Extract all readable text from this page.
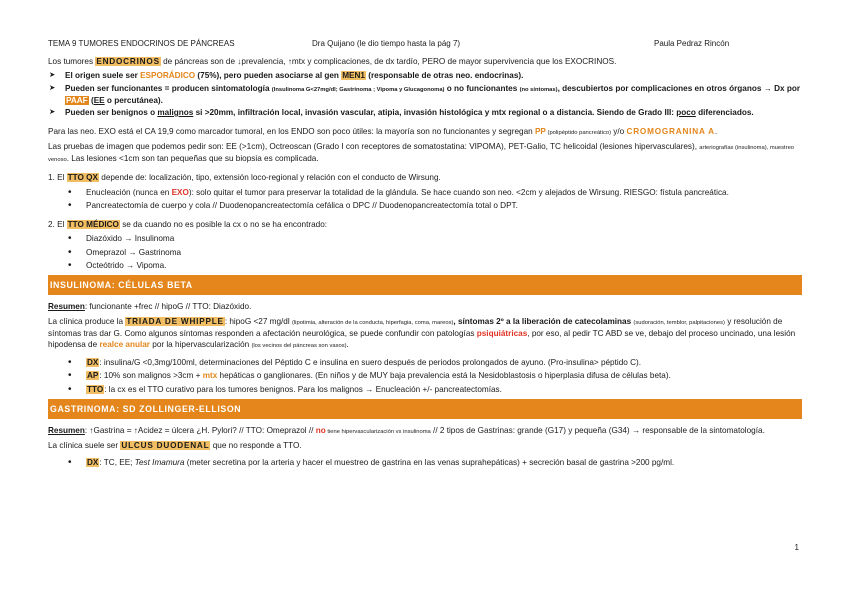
TEMA 9 TUMORES ENDOCRINOS DE PÁNCREAS	Dra Quijano (le dio tiempo hasta la pág 7)	Paula Pedraz Rincón

Los tumores ENDOCRINOS de páncreas son de ↓prevalencia, ↑mtx y complicaciones, de dx tardío, PERO de mayor supervivencia que los EXOCRINOS.

➤ El origen suele ser ESPORÁDICO (75%), pero pueden asociarse al gen MEN1 (responsable de otras neo. endocrinas).
➤ Pueden ser funcionantes = producen sintomatología (Insulinoma G<27mg/dl; Gastrinoma ; Vipoma y Glucagonoma) o no funcionantes (no síntomas), descubiertos por complicaciones en otros órganos → Dx por PAAF (EE o percutánea).
➤ Pueden ser benignos o malignos si >20mm, infiltración local, invasión vascular, atipia, invasión histológica y mtx regional o a distancia. Siendo de Grado III: poco diferenciados.

Para las neo. EXO está el CA 19,9 como marcador tumoral, en los ENDO son poco útiles: la mayoría son no funcionantes y segregan PP (polipéptido pancreático) y/o CROMOGRANINA A.

Las pruebas de imagen que podemos pedir son: EE (>1cm), Octreoscan (Grado I con receptores de somatostatina: VIPOMA), PET-Galio, TC helicoidal (lesiones hipervasculares), arteriografías (insulinoma), muestreo venoso. Las lesiones <1cm son tan pequeñas que su biopsia es complicada.

1. El TTO QX depende de: localización, tipo, extensión loco-regional y relación con el conducto de Wirsung.

• Enucleación (nunca en EXO): solo quitar el tumor para preservar la totalidad de la glándula. Se hace cuando son neo. <2cm y alejados de Wirsung. RIESGO: fístula pancreática.
• Pancreatectomía de cuerpo y cola // Duodenopancreatectomía cefálica o DPC // Duodenopancreatectomía total o DPT.

2. El TTO MÉDICO se da cuando no es posible la cx o no se ha encontrado:

• Diazóxido → Insulinoma
• Omeprazol → Gastrinoma
• Octeótrido → Vipoma.
INSULINOMA: CÉLULAS BETA

Resumen: funcionante +frec // hipoG // TTO: Diazóxido.

La clínica produce la TRIADA DE WHIPPLE: hipoG <27 mg/dl (lipotimia, alteración de la conducta, hiperfagia, coma, mareos), síntomas 2º a la liberación de catecolaminas (sudoración, temblor, palpitaciones) y resolución de síntomas tras dar G. Como algunos síntomas responden a afectación neurológica, se puede confundir con patologías psiquiátricas, por eso, al pedir TC ABD se ve, debajo del proceso uncinado, una lesión hipodensa de realce anular por la hipervascularización (los vecinos del páncreas son vasos).

• DX: insulina/G <0,3mg/100ml, determinaciones del Péptido C e insulina en suero después de periodos prolongados de ayuno. (Pro-insulina> péptido C).
• AP: 10% son malignos >3cm + mtx hepáticas o ganglionares. (En niños y de MUY baja prevalencia está la Nesidoblastosis o hiperplasia difusa de células beta).
• TTO: la cx es el TTO curativo para los tumores benignos. Para los malignos → Enucleación +/- pancreatectomías.
GASTRINOMA: SD ZOLLINGER-ELLISON

Resumen: ↑Gastrina = ↑Acidez = úlcera ¿H. Pylori? // TTO: Omeprazol // no tiene hipervascularización vs insulinoma // 2 tipos de Gastrinas: grande (G17) y pequeña (G34) → responsable de la sintomatología.

La clínica suele ser ULCUS DUODENAL que no responde a TTO.

• DX: TC, EE; Test Imamura (meter secretina por la arteria y hacer el muestreo de gastrina en las venas suprahepáticas) + secreción basal de gastrina >200 pg/ml.
1
